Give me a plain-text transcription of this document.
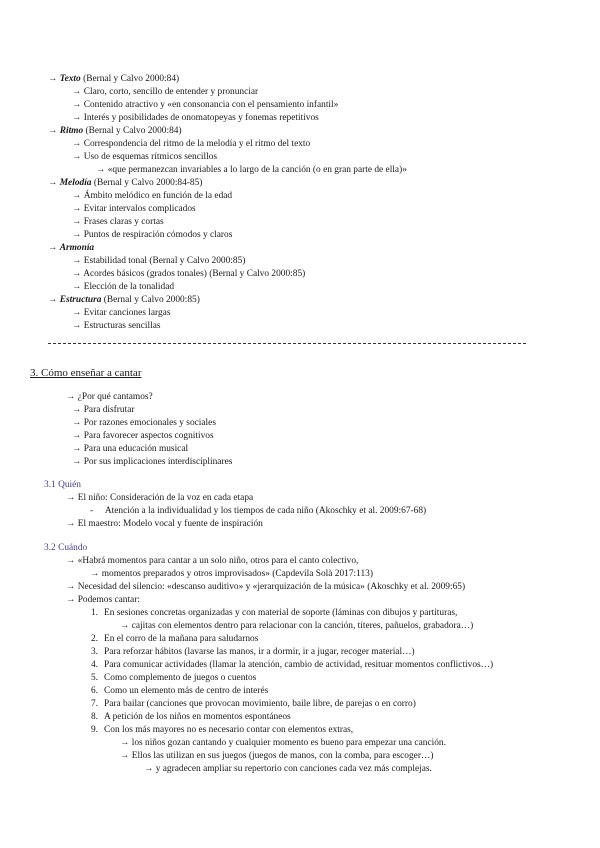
→ Texto (Bernal y Calvo 2000:84)
→ Claro, corto, sencillo de entender y pronunciar
→ Contenido atractivo y «en consonancia con el pensamiento infantil»
→ Interés y posibilidades de onomatopeyas y fonemas repetitivos
→ Ritmo (Bernal y Calvo 2000:84)
→ Correspondencia del ritmo de la melodía y el ritmo del texto
→ Uso de esquemas rítmicos sencillos
→ «que permanezcan invariables a lo largo de la canción (o en gran parte de ella)»
→ Melodía (Bernal y Calvo 2000:84-85)
→ Ámbito melódico en función de la edad
→ Evitar intervalos complicados
→ Frases claras y cortas
→ Puntos de respiración cómodos y claros
→ Armonía
→ Estabilidad tonal (Bernal y Calvo 2000:85)
→ Acordes básicos (grados tonales) (Bernal y Calvo 2000:85)
→ Elección de la tonalidad
→ Estructura (Bernal y Calvo 2000:85)
→ Evitar canciones largas
→ Estructuras sencillas
3. Cómo enseñar a cantar
→ ¿Por qué cantamos?
→ Para disfrutar
→ Por razones emocionales y sociales
→ Para favorecer aspectos cognitivos
→ Para una educación musical
→ Por sus implicaciones interdisciplinares
3.1 Quién
→ El niño: Consideración de la voz en cada etapa
- Atención a la individualidad y los tiempos de cada niño (Akoschky et al. 2009:67-68)
→ El maestro: Modelo vocal y fuente de inspiración
3.2 Cuándo
→ «Habrá momentos para cantar a un solo niño, otros para el canto colectivo,
→ momentos preparados y otros improvisados» (Capdevila Solà 2017:113)
→ Necesidad del silencio: «descanso auditivo» y «jerarquización de la música» (Akoschky et al. 2009:65)
→ Podemos cantar:
1. En sesiones concretas organizadas y con material de soporte (láminas con dibujos y partituras,
→ cajitas con elementos dentro para relacionar con la canción, títeres, pañuelos, grabadora…)
2. En el corro de la mañana para saludarnos
3. Para reforzar hábitos (lavarse las manos, ir a dormir, ir a jugar, recoger material…)
4. Para comunicar actividades (llamar la atención, cambio de actividad, resituar momentos conflictivos…)
5. Como complemento de juegos o cuentos
6. Como un elemento más de centro de interés
7. Para bailar (canciones que provocan movimiento, baile libre, de parejas o en corro)
8. A petición de los niños en momentos espontáneos
9. Con los más mayores no es necesario contar con elementos extras,
→ los niños gozan cantando y cualquier momento es bueno para empezar una canción.
→ Ellos las utilizan en sus juegos (juegos de manos, con la comba, para escoger…)
→ y agradecen ampliar su repertorio con canciones cada vez más complejas.
